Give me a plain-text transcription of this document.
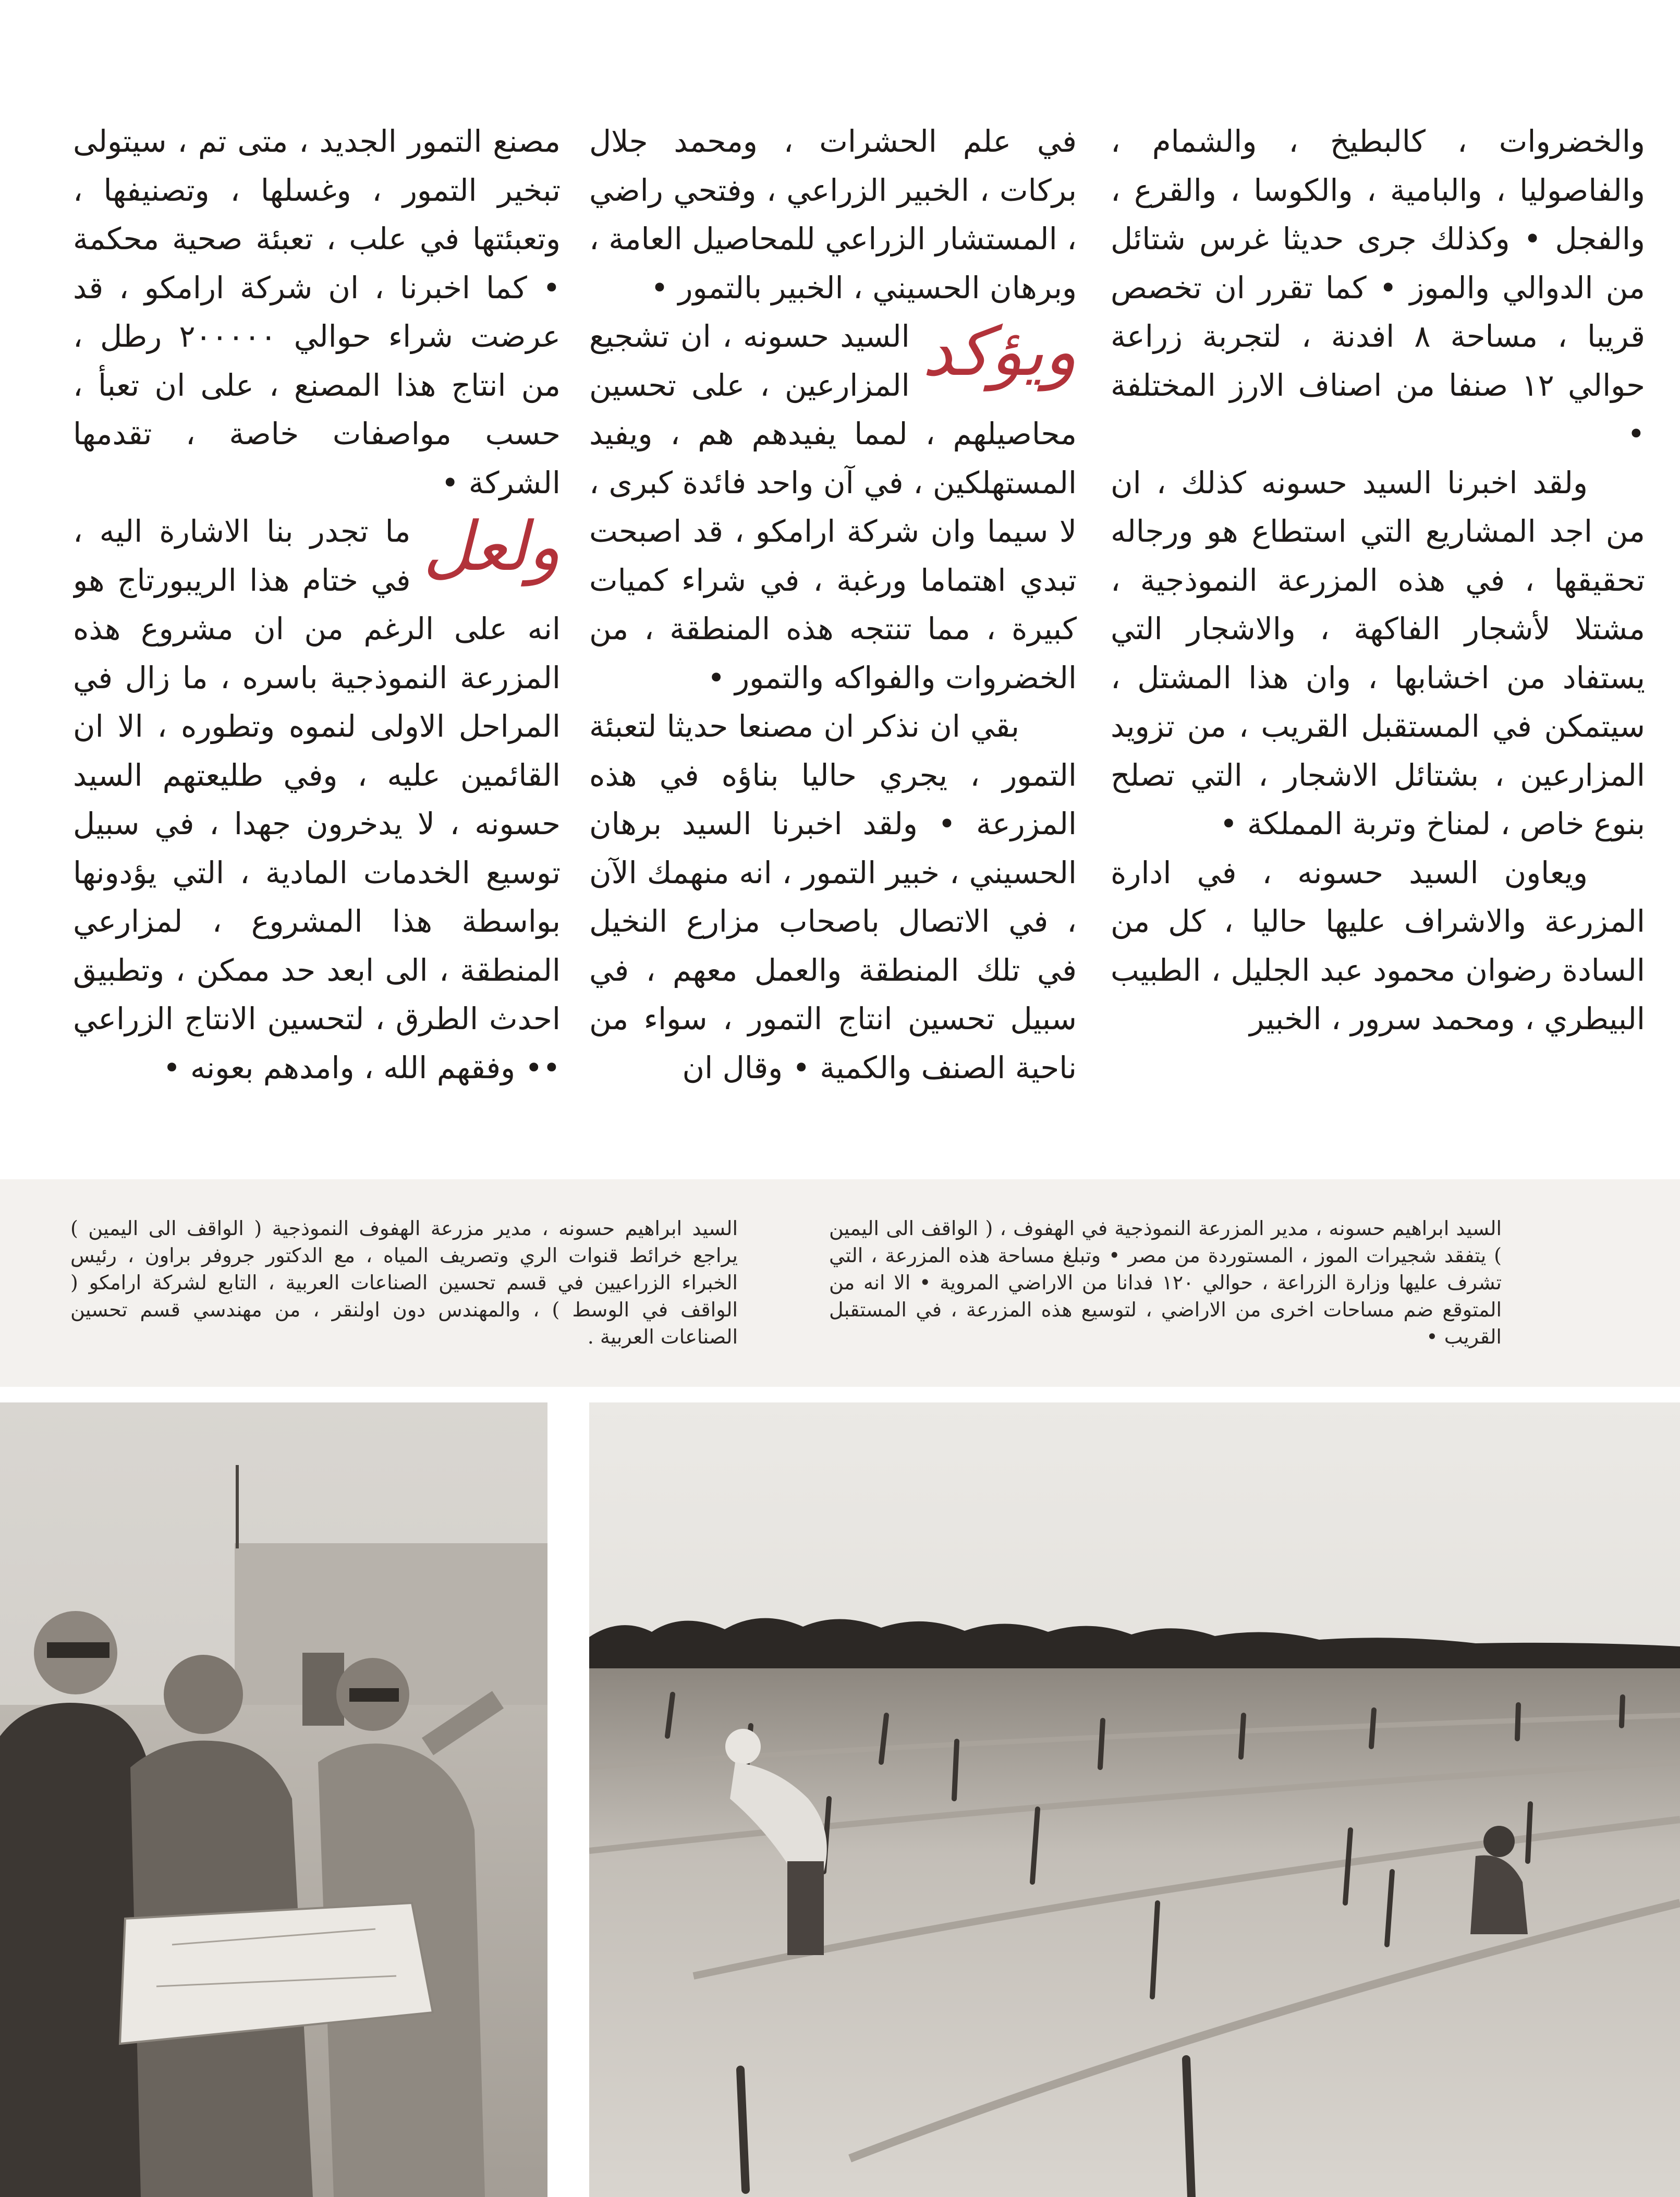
والخضروات ، كالبطيخ ، والشمام ، والفاصوليا ، والبامية ، والكوسا ، والقرع ، والفجل • وكذلك جرى حديثا غرس شتائل من الدوالي والموز • كما تقرر ان تخصص قريبا ، مساحة ٨ افدنة ، لتجربة زراعة حوالي ١٢ صنفا من اصناف الارز المختلفة •

ولقد اخبرنا السيد حسونه كذلك ، ان من اجد المشاريع التي استطاع هو ورجاله تحقيقها ، في هذه المزرعة النموذجية ، مشتلا لأشجار الفاكهة ، والاشجار التي يستفاد من اخشابها ، وان هذا المشتل ، سيتمكن في المستقبل القريب ، من تزويد المزارعين ، بشتائل الاشجار ، التي تصلح بنوع خاص ، لمناخ وتربة المملكة •

ويعاون السيد حسونه ، في ادارة المزرعة والاشراف عليها حاليا ، كل من السادة رضوان محمود عبد الجليل ، الطبيب البيطري ، ومحمد سرور ، الخبير

في علم الحشرات ، ومحمد جلال بركات ، الخبير الزراعي ، وفتحي راضي ، المستشار الزراعي للمحاصيل العامة ، وبرهان الحسيني ، الخبير بالتمور •

ويؤكد
السيد حسونه ، ان تشجيع المزارعين ، على تحسين محاصيلهم ، لمما يفيدهم هم ، ويفيد المستهلكين ، في آن واحد فائدة كبرى ، لا سيما وان شركة ارامكو ، قد اصبحت تبدي اهتماما ورغبة ، في شراء كميات كبيرة ، مما تنتجه هذه المنطقة ، من الخضروات والفواكه والتمور •

بقي ان نذكر ان مصنعا حديثا لتعبئة التمور ، يجري حاليا بناؤه في هذه المزرعة • ولقد اخبرنا السيد برهان الحسيني ، خبير التمور ، انه منهمك الآن ، في الاتصال باصحاب مزارع النخيل في تلك المنطقة والعمل معهم ، في سبيل تحسين انتاج التمور ، سواء من ناحية الصنف والكمية • وقال ان

مصنع التمور الجديد ، متى تم ، سيتولى تبخير التمور ، وغسلها ، وتصنيفها ، وتعبئتها في علب ، تعبئة صحية محكمة • كما اخبرنا ، ان شركة ارامكو ، قد عرضت شراء حوالي ٢٠٠٠٠٠ رطل ، من انتاج هذا المصنع ، على ان تعبأ ، حسب مواصفات خاصة ، تقدمها الشركة •

ولعل
ما تجدر بنا الاشارة اليه ، في ختام هذا الريبورتاج هو انه على الرغم من ان مشروع هذه المزرعة النموذجية باسره ، ما زال في المراحل الاولى لنموه وتطوره ، الا ان القائمين عليه ، وفي طليعتهم السيد حسونه ، لا يدخرون جهدا ، في سبيل توسيع الخدمات المادية ، التي يؤدونها بواسطة هذا المشروع ، لمزارعي المنطقة ، الى ابعد حد ممكن ، وتطبيق احدث الطرق ، لتحسين الانتاج الزراعي •• وفقهم الله ، وامدهم بعونه •

السيد ابراهيم حسونه ، مدير المزرعة النموذجية في الهفوف ، ( الواقف الى اليمين ) يتفقد شجيرات الموز ، المستوردة من مصر • وتبلغ مساحة هذه المزرعة ، التي تشرف عليها وزارة الزراعة ، حوالي ١٢٠ فدانا من الاراضي المروية • الا انه من المتوقع ضم مساحات اخرى من الاراضي ، لتوسيع هذه المزرعة ، في المستقبل القريب •

السيد ابراهيم حسونه ، مدير مزرعة الهفوف النموذجية ( الواقف الى اليمين ) يراجع خرائط قنوات الري وتصريف المياه ، مع الدكتور جروفر براون ، رئيس الخبراء الزراعيين في قسم تحسين الصناعات العربية ، التابع لشركة ارامكو ( الواقف في الوسط ) ، والمهندس دون اولنقر ، من مهندسي قسم تحسين الصناعات العربية .
